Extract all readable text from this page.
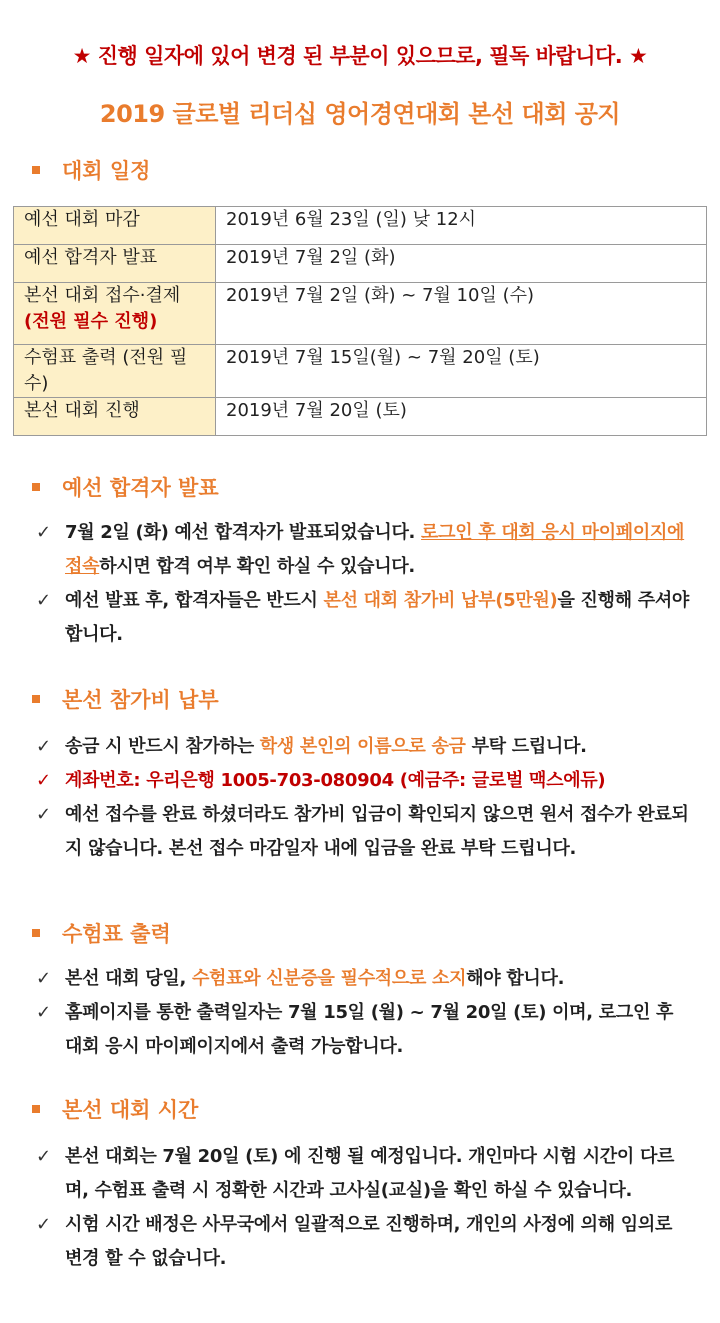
★ 진행 일자에 있어 변경 된 부분이 있으므로, 필독 바랍니다. ★

2019 글로벌 리더십 영어경연대회 본선 대회 공지
대회 일정
예선 대회 마감	2019년 6월 23일 (일) 낮 12시
예선 합격자 발표	2019년 7월 2일 (화)

본선 대회 접수·결제
(전원 필수 진행)	2019년 7월 2일 (화) ~ 7월 10일 (수)
수험표 출력 (전원 필수)	2019년 7월 15일(월) ~ 7월 20일 (토)
본선 대회 진행	2019년 7월 20일 (토)
예선 합격자 발표
✓ 7월 2일 (화) 예선 합격자가 발표되었습니다. 로그인 후 대회 응시 마이페이지에 접속하시면 합격 여부 확인 하실 수 있습니다.
✓ 예선 발표 후, 합격자들은 반드시 본선 대회 참가비 납부(5만원)을 진행해 주셔야 합니다.
본선 참가비 납부
✓ 송금 시 반드시 참가하는 학생 본인의 이름으로 송금 부탁 드립니다.
✓ 계좌번호: 우리은행 1005-703-080904 (예금주: 글로벌 맥스에듀)
✓ 예선 접수를 완료 하셨더라도 참가비 입금이 확인되지 않으면 원서 접수가 완료되지 않습니다. 본선 접수 마감일자 내에 입금을 완료 부탁 드립니다.
수험표 출력
✓ 본선 대회 당일, 수험표와 신분증을 필수적으로 소지해야 합니다.
✓ 홈페이지를 통한 출력일자는 7월 15일 (월) ~ 7월 20일 (토) 이며, 로그인 후 대회 응시 마이페이지에서 출력 가능합니다.
본선 대회 시간
✓ 본선 대회는 7월 20일 (토) 에 진행 될 예정입니다. 개인마다 시험 시간이 다르며, 수험표 출력 시 정확한 시간과 고사실(교실)을 확인 하실 수 있습니다.
✓ 시험 시간 배정은 사무국에서 일괄적으로 진행하며, 개인의 사정에 의해 임의로 변경 할 수 없습니다.
